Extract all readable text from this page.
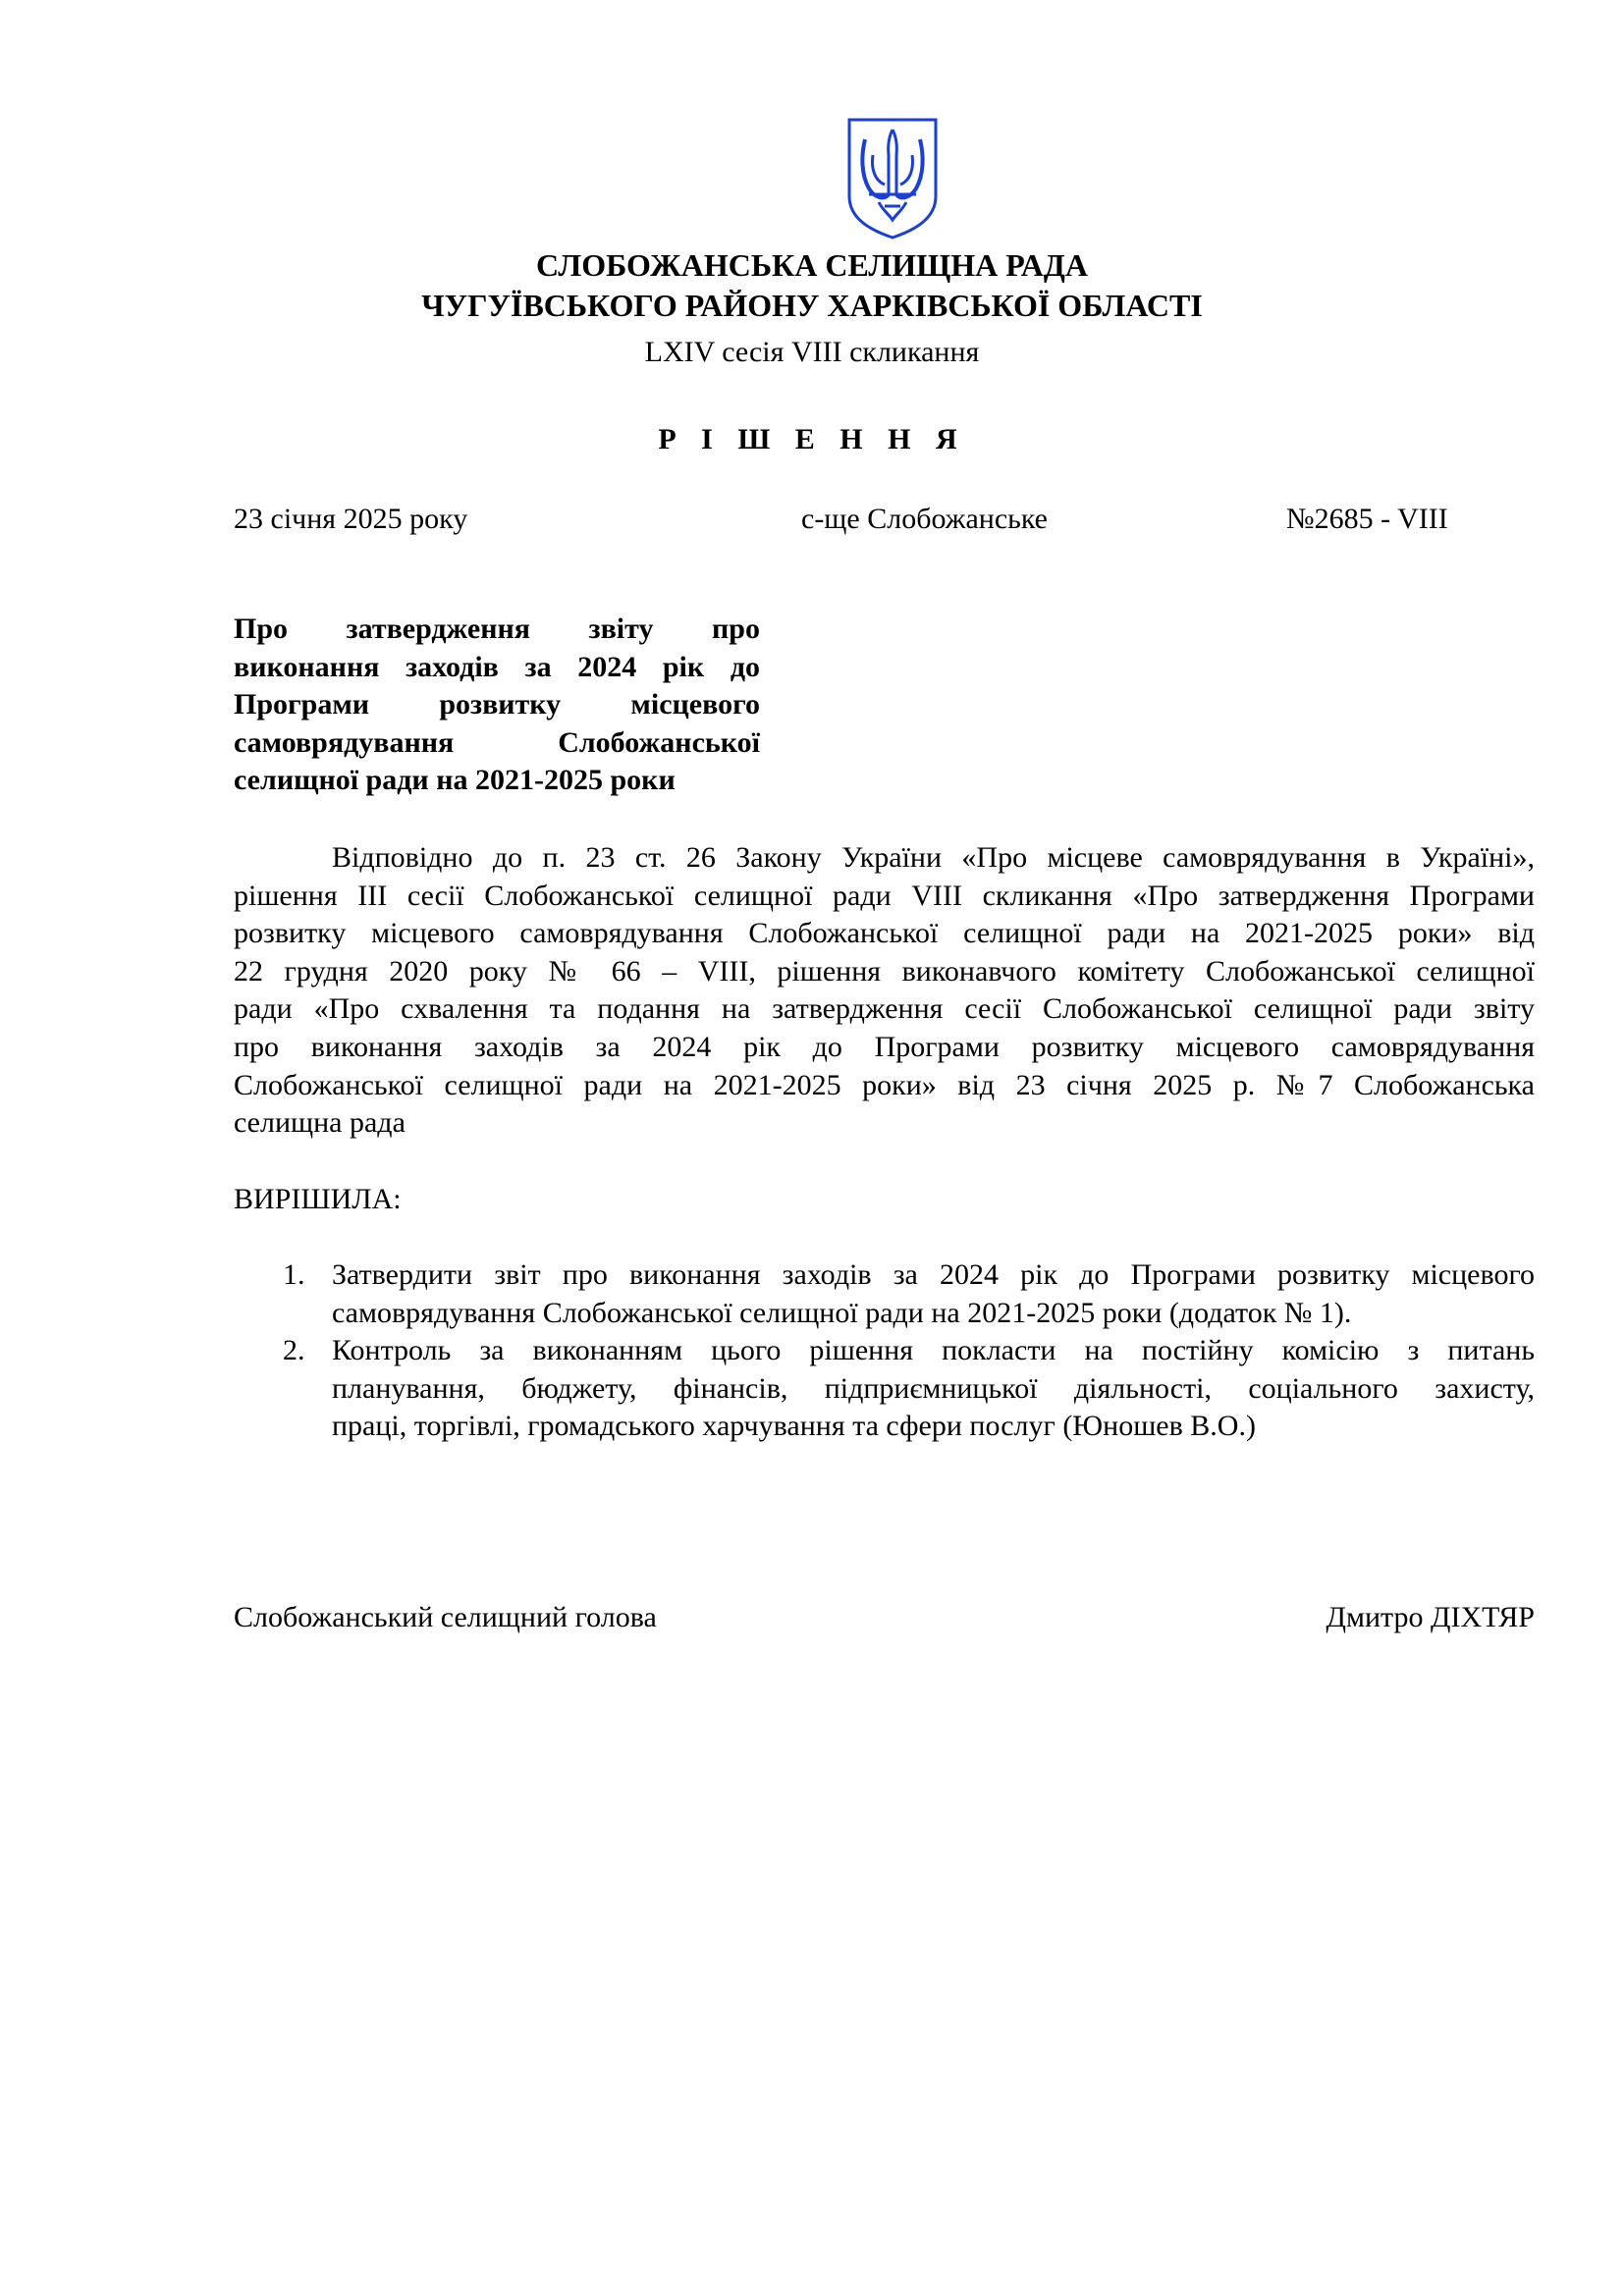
СЛОБОЖАНСЬКА СЕЛИЩНА РАДА
ЧУГУЇВСЬКОГО РАЙОНУ ХАРКІВСЬКОЇ ОБЛАСТІ
LXIV сесія VIII скликання
Р І Ш Е Н Н Я
23 січня 2025 року	с-ще Слобожанське	№2685 - VIII
Про затвердження звіту про
виконання заходів за 2024 рік до
Програми розвитку місцевого
самоврядування Слобожанської
селищної ради на 2021-2025 роки
Відповідно до п. 23 ст. 26 Закону України «Про місцеве самоврядування в Україні»,
рішення ІІІ сесії Слобожанської селищної ради VIII скликання «Про затвердження Програми
розвитку місцевого самоврядування Слобожанської селищної ради на 2021-2025 роки» від
22 грудня 2020 року № 66 – VIII, рішення виконавчого комітету Слобожанської селищної
ради «Про схвалення та подання на затвердження сесії Слобожанської селищної ради звіту
про виконання заходів за 2024 рік до Програми розвитку місцевого самоврядування
Слобожанської селищної ради на 2021-2025 роки» від 23 січня 2025 р. №7 Слобожанська
селищна рада
ВИРІШИЛА:
1. Затвердити звіт про виконання заходів за 2024 рік до Програми розвитку місцевого
самоврядування Слобожанської селищної ради на 2021-2025 роки (додаток № 1).
2. Контроль за виконанням цього рішення покласти на постійну комісію з питань
планування, бюджету, фінансів, підприємницької діяльності, соціального захисту,
праці, торгівлі, громадського харчування та сфери послуг (Юношев В.О.)
Слобожанський селищний голова	Дмитро ДІХТЯР
